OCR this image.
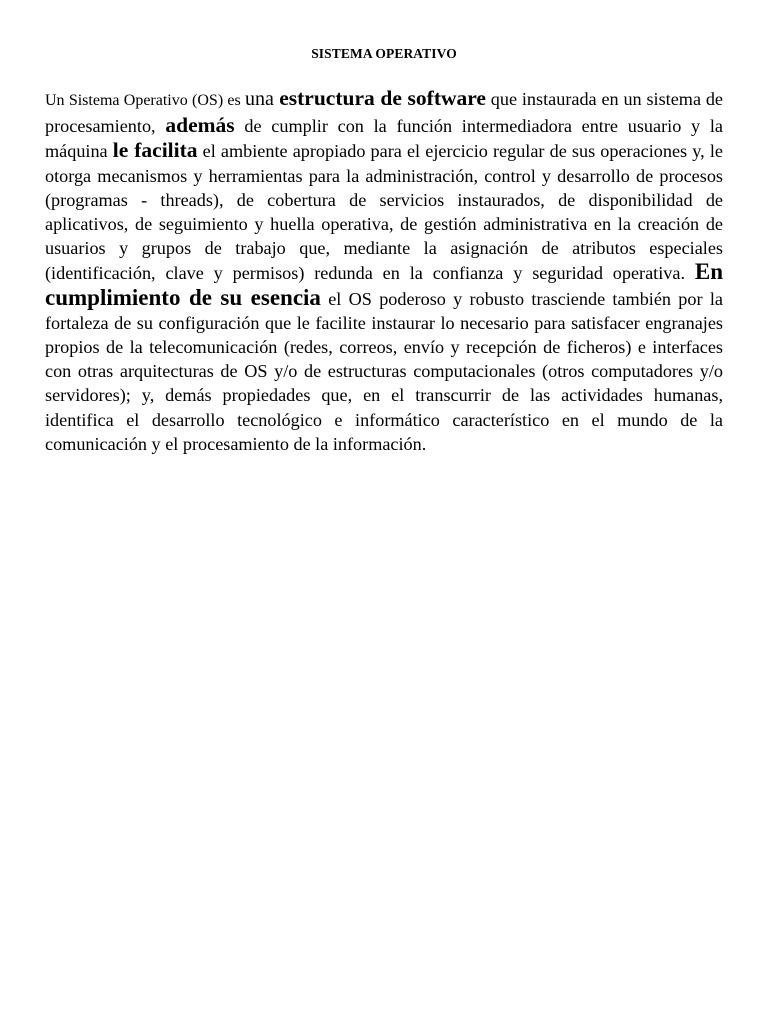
SISTEMA OPERATIVO

Un Sistema Operativo (OS) es una estructura de software que instaurada en un sistema de procesamiento, además de cumplir con la función intermediadora entre usuario y la máquina le facilita el ambiente apropiado para el ejercicio regular de sus operaciones y, le otorga mecanismos y herramientas para la administración, control y desarrollo de procesos (programas - threads), de cobertura de servicios instaurados, de disponibilidad de aplicativos, de seguimiento y huella operativa, de gestión administrativa en la creación de usuarios y grupos de trabajo que, mediante la asignación de atributos especiales (identificación, clave y permisos) redunda en la confianza y seguridad operativa. En cumplimiento de su esencia el OS poderoso y robusto trasciende también por la fortaleza de su configuración que le facilite instaurar lo necesario para satisfacer engranajes propios de la telecomunicación (redes, correos, envío y recepción de ficheros) e interfaces con otras arquitecturas de OS y/o de estructuras computacionales (otros computadores y/o servidores); y, demás propiedades que, en el transcurrir de las actividades humanas, identifica el desarrollo tecnológico e informático característico en el mundo de la comunicación y el procesamiento de la información.
